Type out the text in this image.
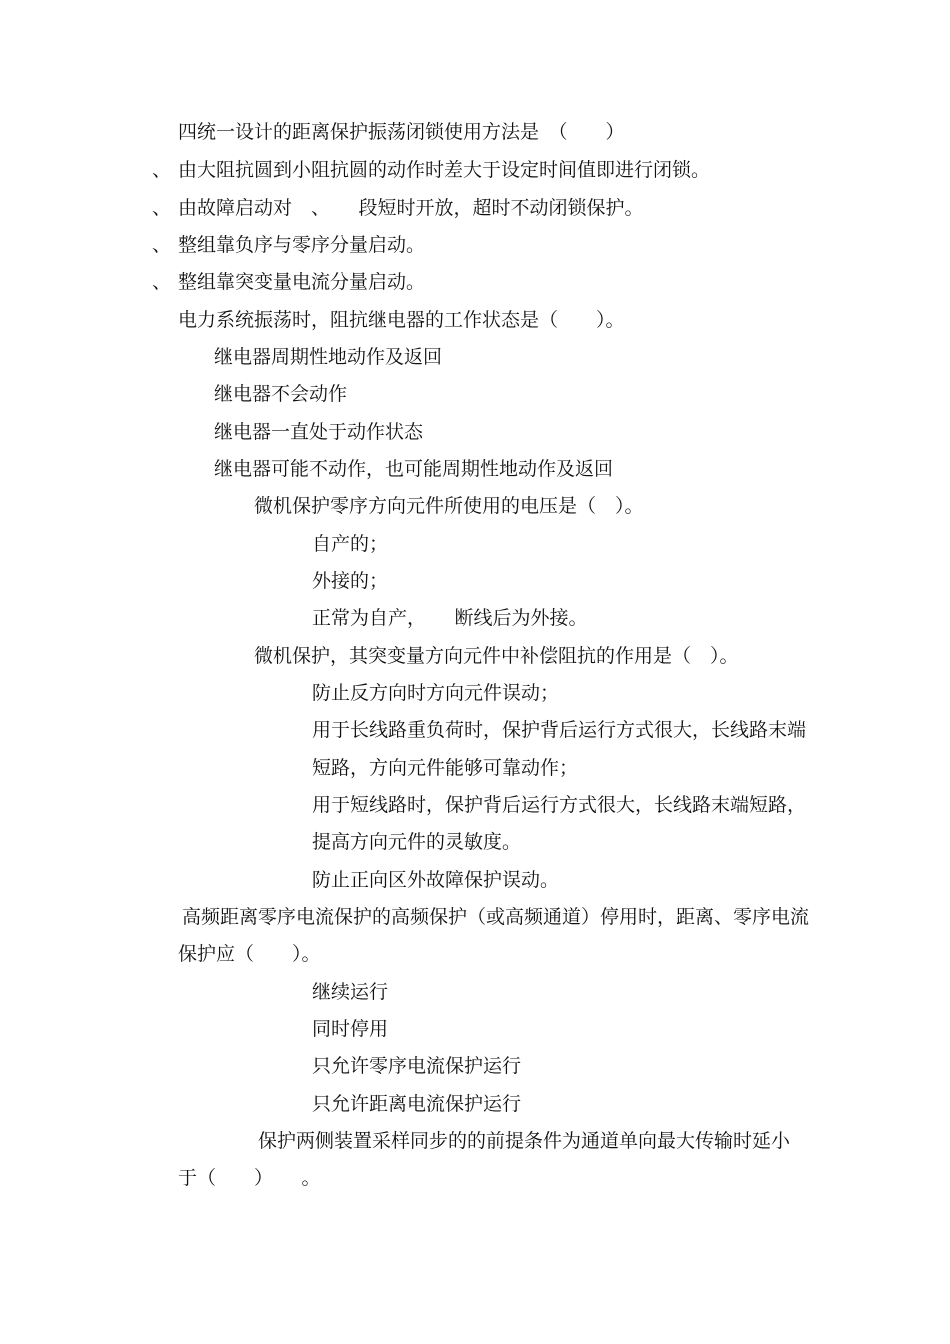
四统一设计的距离保护振荡闭锁使用方法是　（　　）
、 由大阻抗圆到小阻抗圆的动作时差大于设定时间值即进行闭锁。
、 由故障启动对　、　　段短时开放，超时不动闭锁保护。
、 整组靠负序与零序分量启动。
、 整组靠突变量电流分量启动。
电力系统振荡时，阻抗继电器的工作状态是（　　）。
继电器周期性地动作及返回
继电器不会动作
继电器一直处于动作状态
继电器可能不动作，也可能周期性地动作及返回
微机保护零序方向元件所使用的电压是（　）。
自产的；
外接的；
正常为自产，　　断线后为外接。
微机保护，其突变量方向元件中补偿阻抗的作用是（　）。
防止反方向时方向元件误动；
用于长线路重负荷时，保护背后运行方式很大，长线路末端
短路，方向元件能够可靠动作；
用于短线路时，保护背后运行方式很大，长线路末端短路，
提高方向元件的灵敏度。
防止正向区外故障保护误动。
高频距离零序电流保护的高频保护（或高频通道）停用时，距离、零序电流
保护应（　　）。
继续运行
同时停用
只允许零序电流保护运行
只允许距离电流保护运行
保护两侧装置采样同步的的前提条件为通道单向最大传输时延小
于（　　）　　。
